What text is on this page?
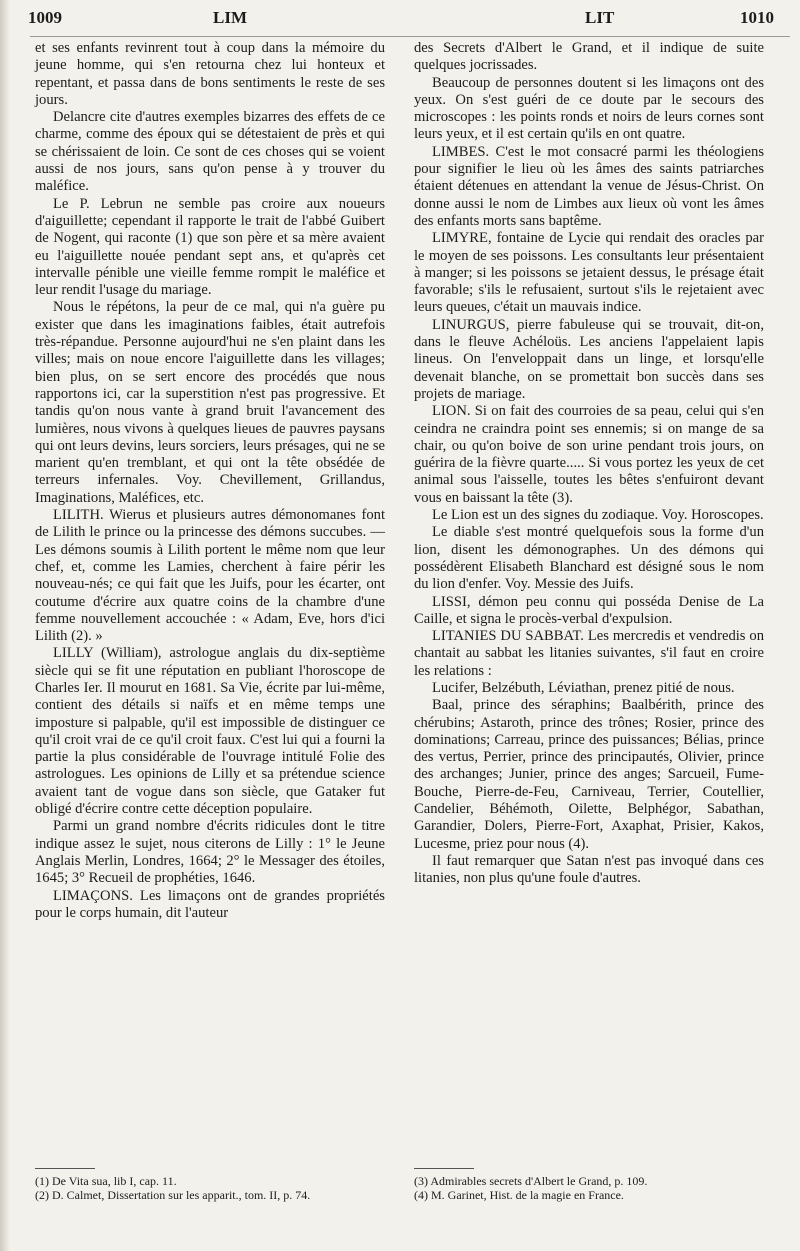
1009	LIM	LIT	1010

et ses enfants revinrent tout à coup dans la mémoire du jeune homme, qui s'en retourna chez lui honteux et repentant, et passa dans de bons sentiments le reste de ses jours.

Delancre cite d'autres exemples bizarres des effets de ce charme, comme des époux qui se détestaient de près et qui se chérissaient de loin. Ce sont de ces choses qui se voient aussi de nos jours, sans qu'on pense à y trouver du maléfice.

Le P. Lebrun ne semble pas croire aux noueurs d'aiguillette; cependant il rapporte le trait de l'abbé Guibert de Nogent, qui raconte (1) que son père et sa mère avaient eu l'aiguillette nouée pendant sept ans, et qu'après cet intervalle pénible une vieille femme rompit le maléfice et leur rendit l'usage du mariage.

Nous le répétons, la peur de ce mal, qui n'a guère pu exister que dans les imaginations faibles, était autrefois très-répandue. Personne aujourd'hui ne s'en plaint dans les villes; mais on noue encore l'aiguillette dans les villages; bien plus, on se sert encore des procédés que nous rapportons ici, car la superstition n'est pas progressive. Et tandis qu'on nous vante à grand bruit l'avancement des lumières, nous vivons à quelques lieues de pauvres paysans qui ont leurs devins, leurs sorciers, leurs présages, qui ne se marient qu'en tremblant, et qui ont la tête obsédée de terreurs infernales. Voy. Chevillement, Grillandus, Imaginations, Maléfices, etc.

LILITH. Wierus et plusieurs autres démonomanes font de Lilith le prince ou la princesse des démons succubes. — Les démons soumis à Lilith portent le même nom que leur chef, et, comme les Lamies, cherchent à faire périr les nouveau-nés; ce qui fait que les Juifs, pour les écarter, ont coutume d'écrire aux quatre coins de la chambre d'une femme nouvellement accouchée : « Adam, Eve, hors d'ici Lilith (2). »

LILLY (William), astrologue anglais du dix-septième siècle qui se fit une réputation en publiant l'horoscope de Charles Ier. Il mourut en 1681. Sa Vie, écrite par lui-même, contient des détails si naïfs et en même temps une imposture si palpable, qu'il est impossible de distinguer ce qu'il croit vrai de ce qu'il croit faux. C'est lui qui a fourni la partie la plus considérable de l'ouvrage intitulé Folie des astrologues. Les opinions de Lilly et sa prétendue science avaient tant de vogue dans son siècle, que Gataker fut obligé d'écrire contre cette déception populaire.

Parmi un grand nombre d'écrits ridicules dont le titre indique assez le sujet, nous citerons de Lilly : 1° le Jeune Anglais Merlin, Londres, 1664; 2° le Messager des étoiles, 1645; 3° Recueil de prophéties, 1646.

LIMAÇONS. Les limaçons ont de grandes propriétés pour le corps humain, dit l'auteur

des Secrets d'Albert le Grand, et il indique de suite quelques jocrissades.

Beaucoup de personnes doutent si les limaçons ont des yeux. On s'est guéri de ce doute par le secours des microscopes : les points ronds et noirs de leurs cornes sont leurs yeux, et il est certain qu'ils en ont quatre.

LIMBES. C'est le mot consacré parmi les théologiens pour signifier le lieu où les âmes des saints patriarches étaient détenues en attendant la venue de Jésus-Christ. On donne aussi le nom de Limbes aux lieux où vont les âmes des enfants morts sans baptême.

LIMYRE, fontaine de Lycie qui rendait des oracles par le moyen de ses poissons. Les consultants leur présentaient à manger; si les poissons se jetaient dessus, le présage était favorable; s'ils le refusaient, surtout s'ils le rejetaient avec leurs queues, c'était un mauvais indice.

LINURGUS, pierre fabuleuse qui se trouvait, dit-on, dans le fleuve Achéloüs. Les anciens l'appelaient lapis lineus. On l'enveloppait dans un linge, et lorsqu'elle devenait blanche, on se promettait bon succès dans ses projets de mariage.

LION. Si on fait des courroies de sa peau, celui qui s'en ceindra ne craindra point ses ennemis; si on mange de sa chair, ou qu'on boive de son urine pendant trois jours, on guérira de la fièvre quarte..... Si vous portez les yeux de cet animal sous l'aisselle, toutes les bêtes s'enfuiront devant vous en baissant la tête (3).

Le Lion est un des signes du zodiaque. Voy. Horoscopes.

Le diable s'est montré quelquefois sous la forme d'un lion, disent les démonographes. Un des démons qui possédèrent Elisabeth Blanchard est désigné sous le nom du lion d'enfer. Voy. Messie des Juifs.

LISSI, démon peu connu qui posséda Denise de La Caille, et signa le procès-verbal d'expulsion.

LITANIES DU SABBAT. Les mercredis et vendredis on chantait au sabbat les litanies suivantes, s'il faut en croire les relations :

Lucifer, Belzébuth, Léviathan, prenez pitié de nous.

Baal, prince des séraphins; Baalbérith, prince des chérubins; Astaroth, prince des trônes; Rosier, prince des dominations; Carreau, prince des puissances; Bélias, prince des vertus, Perrier, prince des principautés, Olivier, prince des archanges; Junier, prince des anges; Sarcueil, Fume-Bouche, Pierre-de-Feu, Carniveau, Terrier, Coutellier, Candelier, Béhémoth, Oilette, Belphégor, Sabathan, Garandier, Dolers, Pierre-Fort, Axaphat, Prisier, Kakos, Lucesme, priez pour nous (4).

Il faut remarquer que Satan n'est pas invoqué dans ces litanies, non plus qu'une foule d'autres.

(1) De Vita sua, lib I, cap. 11.
(2) D. Calmet, Dissertation sur les apparit., tom. II, p. 74.
(3) Admirables secrets d'Albert le Grand, p. 109.
(4) M. Garinet, Hist. de la magie en France.
